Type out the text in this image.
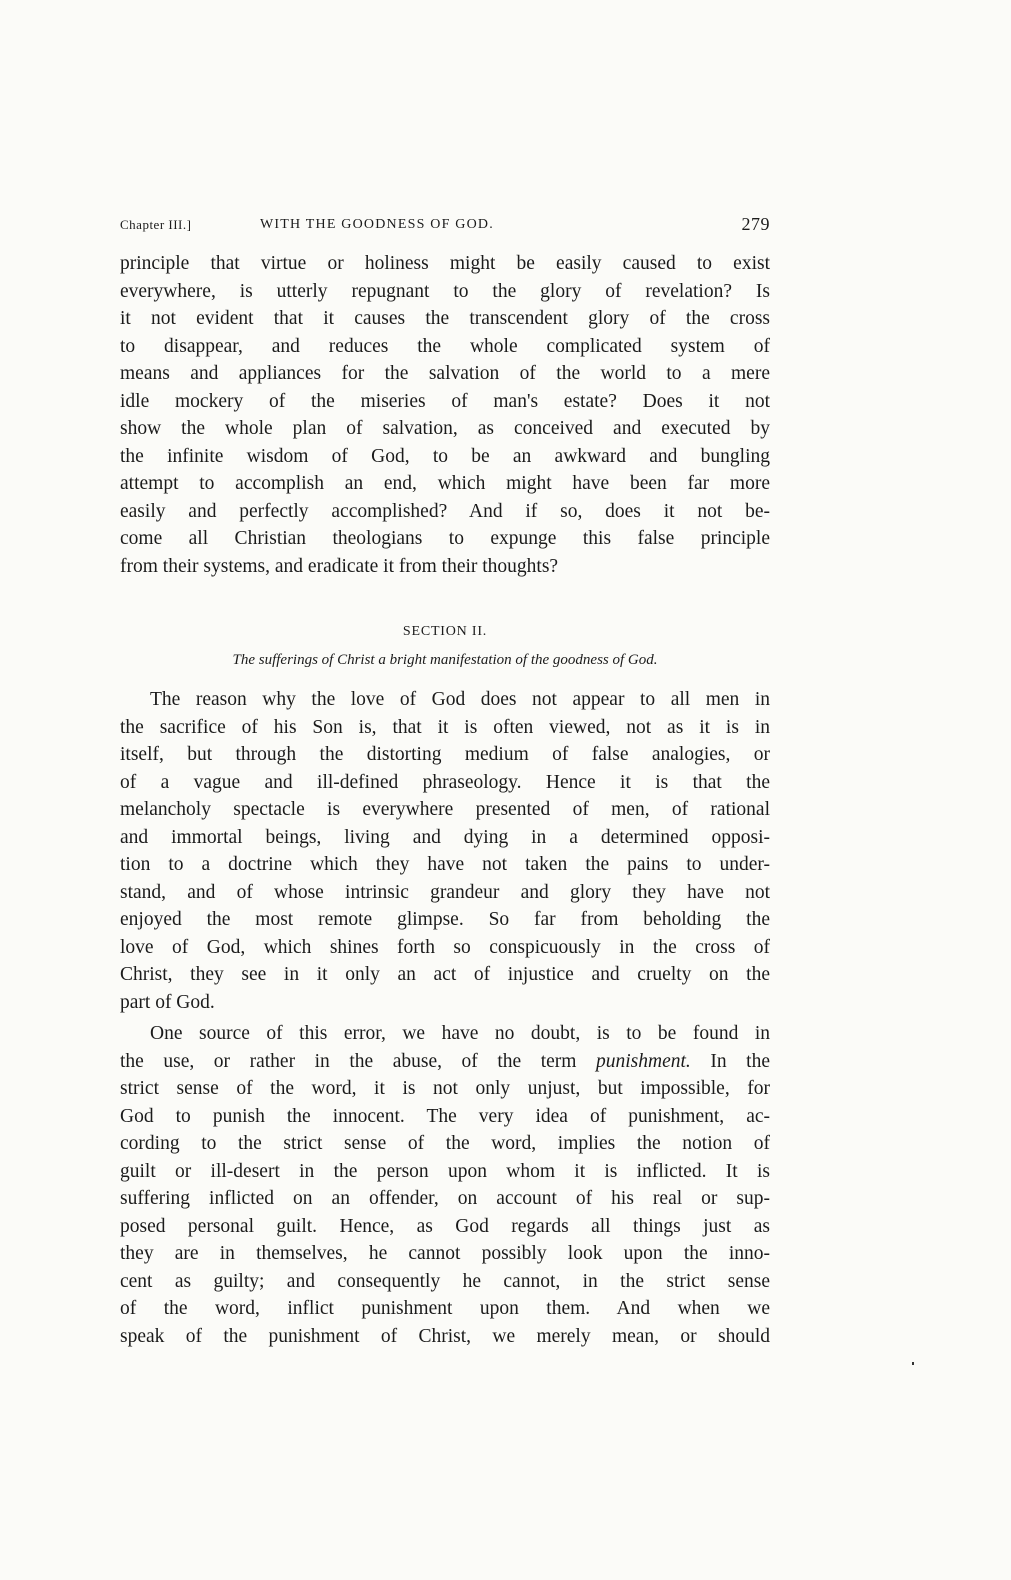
Chapter III.]	WITH THE GOODNESS OF GOD.	279
principle that virtue or holiness might be easily caused to exist
everywhere, is utterly repugnant to the glory of revelation? Is
it not evident that it causes the transcendent glory of the cross
to disappear, and reduces the whole complicated system of
means and appliances for the salvation of the world to a mere
idle mockery of the miseries of man's estate? Does it not
show the whole plan of salvation, as conceived and executed by
the infinite wisdom of God, to be an awkward and bungling
attempt to accomplish an end, which might have been far more
easily and perfectly accomplished? And if so, does it not be-
come all Christian theologians to expunge this false principle
from their systems, and eradicate it from their thoughts?
SECTION II.
The sufferings of Christ a bright manifestation of the goodness of God.
The reason why the love of God does not appear to all men in
the sacrifice of his Son is, that it is often viewed, not as it is in
itself, but through the distorting medium of false analogies, or
of a vague and ill-defined phraseology. Hence it is that the
melancholy spectacle is everywhere presented of men, of rational
and immortal beings, living and dying in a determined opposi-
tion to a doctrine which they have not taken the pains to under-
stand, and of whose intrinsic grandeur and glory they have not
enjoyed the most remote glimpse. So far from beholding the
love of God, which shines forth so conspicuously in the cross of
Christ, they see in it only an act of injustice and cruelty on the
part of God.
One source of this error, we have no doubt, is to be found in
the use, or rather in the abuse, of the term punishment. In the
strict sense of the word, it is not only unjust, but impossible, for
God to punish the innocent. The very idea of punishment, ac-
cording to the strict sense of the word, implies the notion of
guilt or ill-desert in the person upon whom it is inflicted. It is
suffering inflicted on an offender, on account of his real or sup-
posed personal guilt. Hence, as God regards all things just as
they are in themselves, he cannot possibly look upon the inno-
cent as guilty; and consequently he cannot, in the strict sense
of the word, inflict punishment upon them. And when we
speak of the punishment of Christ, we merely mean, or should
